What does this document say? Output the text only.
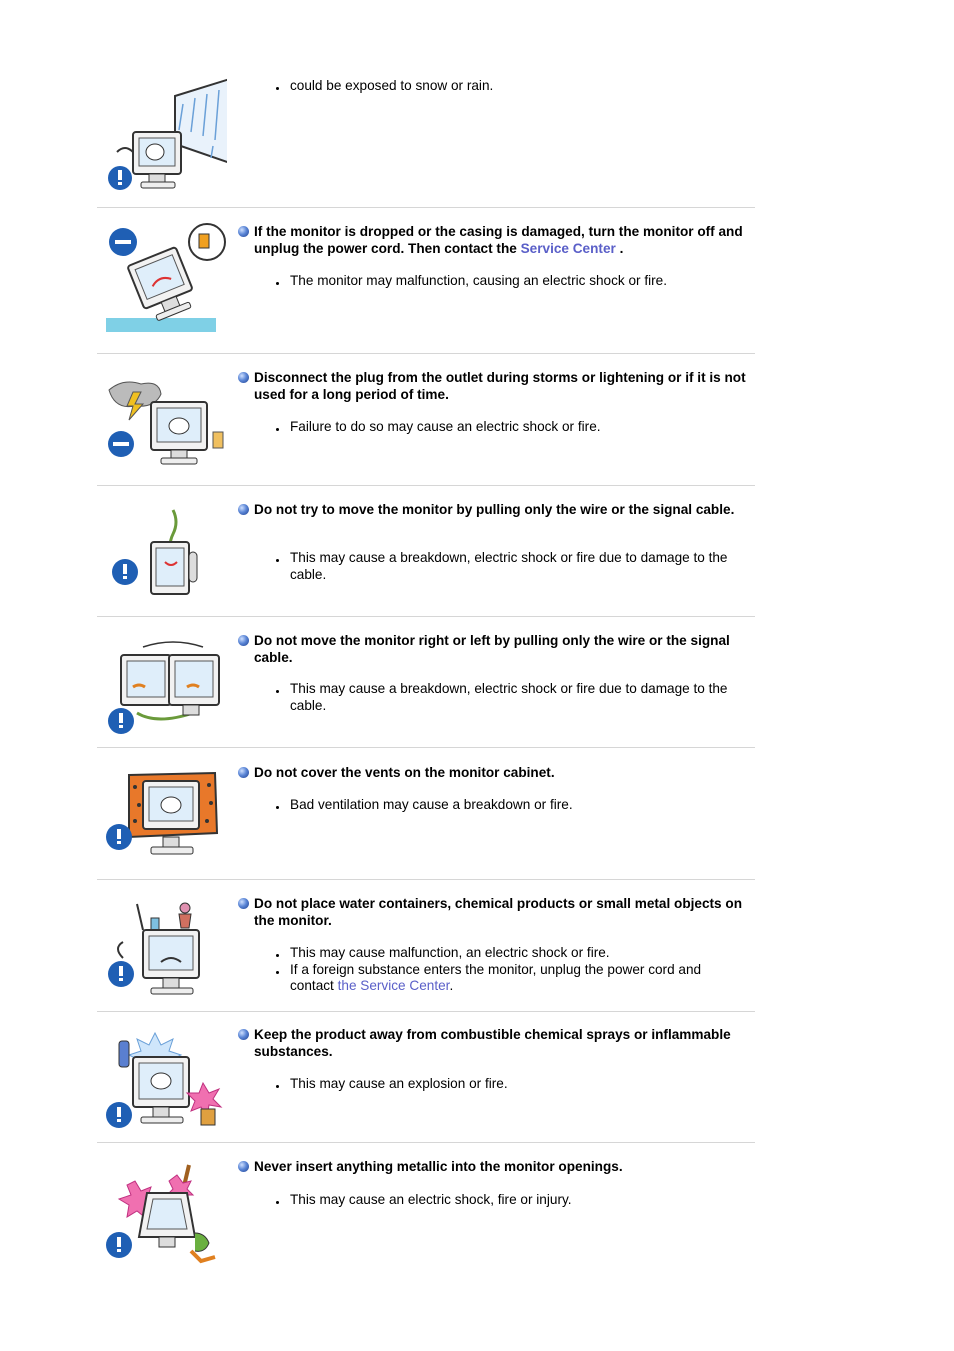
could be exposed to snow or rain.
If the monitor is dropped or the casing is damaged, turn the monitor off and unplug the power cord. Then contact the Service Center .
The monitor may malfunction, causing an electric shock or fire.
Disconnect the plug from the outlet during storms or lightening or if it is not used for a long period of time.
Failure to do so may cause an electric shock or fire.
Do not try to move the monitor by pulling only the wire or the signal cable.
This may cause a breakdown, electric shock or fire due to damage to the cable.
Do not move the monitor right or left by pulling only the wire or the signal cable.
This may cause a breakdown, electric shock or fire due to damage to the cable.
Do not cover the vents on the monitor cabinet.
Bad ventilation may cause a breakdown or fire.
Do not place water containers, chemical products or small metal objects on the monitor.
This may cause malfunction, an electric shock or fire.
If a foreign substance enters the monitor, unplug the power cord and contact the Service Center.
Keep the product away from combustible chemical sprays or inflammable substances.
This may cause an explosion or fire.
Never insert anything metallic into the monitor openings.
This may cause an electric shock, fire or injury.
